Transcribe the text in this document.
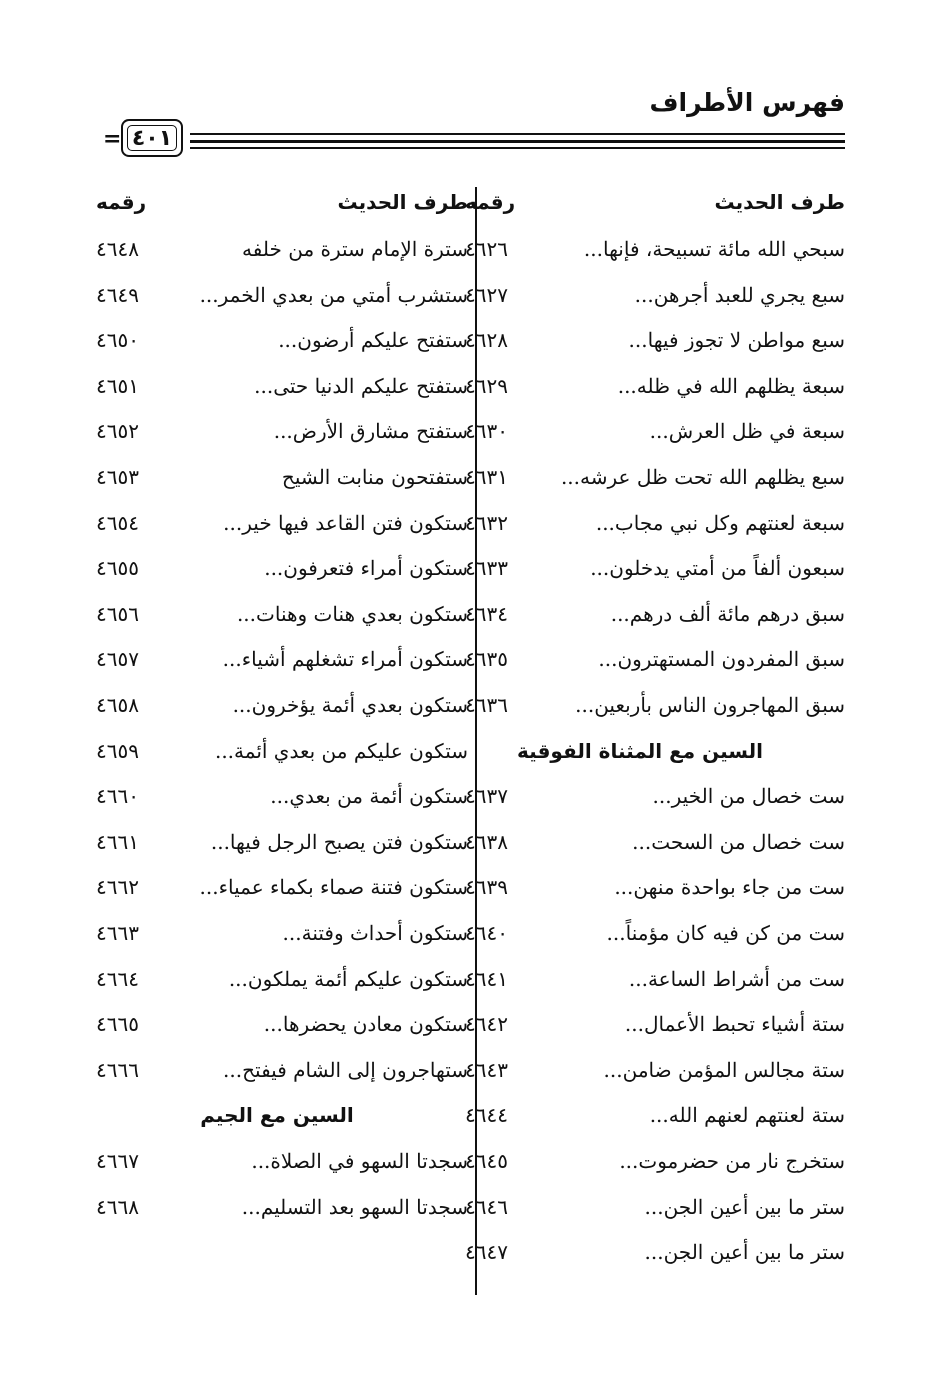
فهرس الأطراف
٤٠١
=
طرف الحديث
رقمه
سبحي الله مائة تسبيحة، فإنها...
٤٦٢٦
سبع يجري للعبد أجرهن...
٤٦٢٧
سبع مواطن لا تجوز فيها...
٤٦٢٨
سبعة يظلهم الله في ظله...
٤٦٢٩
سبعة في ظل العرش...
٤٦٣٠
سبع يظلهم الله تحت ظل عرشه...
٤٦٣١
سبعة لعنتهم وكل نبي مجاب...
٤٦٣٢
سبعون ألفاً من أمتي يدخلون...
٤٦٣٣
سبق درهم مائة ألف درهم...
٤٦٣٤
سبق المفردون المستهترون...
٤٦٣٥
سبق المهاجرون الناس بأربعين...
٤٦٣٦
السين مع المثناة الفوقية
ست خصال من الخير...
٤٦٣٧
ست خصال من السحت...
٤٦٣٨
ست من جاء بواحدة منهن...
٤٦٣٩
ست من كن فيه كان مؤمناً...
٤٦٤٠
ست من أشراط الساعة...
٤٦٤١
ستة أشياء تحبط الأعمال...
٤٦٤٢
ستة مجالس المؤمن ضامن...
٤٦٤٣
ستة لعنتهم لعنهم الله...
٤٦٤٤
ستخرج نار من حضرموت...
٤٦٤٥
ستر ما بين أعين الجن...
٤٦٤٦
ستر ما بين أعين الجن...
٤٦٤٧
طرف الحديث
رقمه
سترة الإمام سترة من خلفه
٤٦٤٨
ستشرب أمتي من بعدي الخمر...
٤٦٤٩
ستفتح عليكم أرضون...
٤٦٥٠
ستفتح عليكم الدنيا حتى...
٤٦٥١
ستفتح مشارق الأرض...
٤٦٥٢
ستفتحون منابت الشيح
٤٦٥٣
ستكون فتن القاعد فيها خير...
٤٦٥٤
ستكون أمراء فتعرفون...
٤٦٥٥
ستكون بعدي هنات وهنات...
٤٦٥٦
ستكون أمراء تشغلهم أشياء...
٤٦٥٧
ستكون بعدي أئمة يؤخرون...
٤٦٥٨
ستكون عليكم من بعدي أئمة...
٤٦٥٩
ستكون أئمة من بعدي...
٤٦٦٠
ستكون فتن يصبح الرجل فيها...
٤٦٦١
ستكون فتنة صماء بكماء عمياء...
٤٦٦٢
ستكون أحداث وفتنة...
٤٦٦٣
ستكون عليكم أئمة يملكون...
٤٦٦٤
ستكون معادن يحضرها...
٤٦٦٥
ستهاجرون إلى الشام فيفتح...
٤٦٦٦
السين مع الجيم
سجدتا السهو في الصلاة...
٤٦٦٧
سجدتا السهو بعد التسليم...
٤٦٦٨
